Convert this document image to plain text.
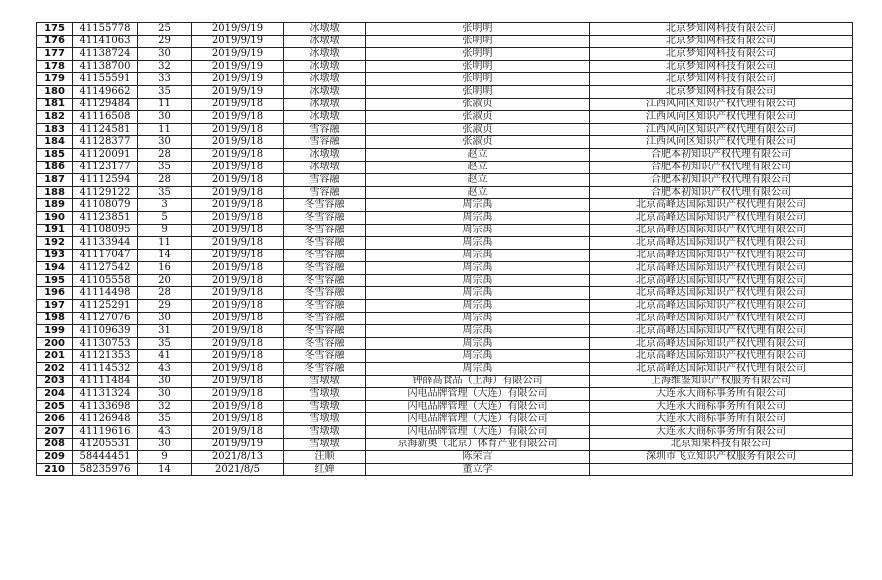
175	41155778	25	2019/9/19	冰墩墩	张明明	北京梦知网科技有限公司
176	41141063	29	2019/9/19	冰墩墩	张明明	北京梦知网科技有限公司
177	41138724	30	2019/9/19	冰墩墩	张明明	北京梦知网科技有限公司
178	41138700	32	2019/9/19	冰墩墩	张明明	北京梦知网科技有限公司
179	41155591	33	2019/9/19	冰墩墩	张明明	北京梦知网科技有限公司
180	41149662	35	2019/9/19	冰墩墩	张明明	北京梦知网科技有限公司
181	41129484	11	2019/9/18	冰墩墩	张淑贞	江西风向区知识产权代理有限公司
182	41116508	30	2019/9/18	冰墩墩	张淑贞	江西风向区知识产权代理有限公司
183	41124581	11	2019/9/18	雪容融	张淑贞	江西风向区知识产权代理有限公司
184	41128377	30	2019/9/18	雪容融	张淑贞	江西风向区知识产权代理有限公司
185	41120091	28	2019/9/18	冰墩墩	赵立	合肥本初知识产权代理有限公司
186	41123177	35	2019/9/18	冰墩墩	赵立	合肥本初知识产权代理有限公司
187	41112594	28	2019/9/18	雪容融	赵立	合肥本初知识产权代理有限公司
188	41129122	35	2019/9/18	雪容融	赵立	合肥本初知识产权代理有限公司
189	41108079	3	2019/9/18	冬雪容融	周宗禹	北京高峰达国际知识产权代理有限公司
190	41123851	5	2019/9/18	冬雪容融	周宗禹	北京高峰达国际知识产权代理有限公司
191	41108095	9	2019/9/18	冬雪容融	周宗禹	北京高峰达国际知识产权代理有限公司
192	41133944	11	2019/9/18	冬雪容融	周宗禹	北京高峰达国际知识产权代理有限公司
193	41117047	14	2019/9/18	冬雪容融	周宗禹	北京高峰达国际知识产权代理有限公司
194	41127542	16	2019/9/18	冬雪容融	周宗禹	北京高峰达国际知识产权代理有限公司
195	41105558	20	2019/9/18	冬雪容融	周宗禹	北京高峰达国际知识产权代理有限公司
196	41114498	28	2019/9/18	冬雪容融	周宗禹	北京高峰达国际知识产权代理有限公司
197	41125291	29	2019/9/18	冬雪容融	周宗禹	北京高峰达国际知识产权代理有限公司
198	41127076	30	2019/9/18	冬雪容融	周宗禹	北京高峰达国际知识产权代理有限公司
199	41109639	31	2019/9/18	冬雪容融	周宗禹	北京高峰达国际知识产权代理有限公司
200	41130753	35	2019/9/18	冬雪容融	周宗禹	北京高峰达国际知识产权代理有限公司
201	41121353	41	2019/9/18	冬雪容融	周宗禹	北京高峰达国际知识产权代理有限公司
202	41114532	43	2019/9/18	冬雪容融	周宗禹	北京高峰达国际知识产权代理有限公司
203	41111484	30	2019/9/18	雪墩墩	钟薛高食品（上海）有限公司	上海维鉴知识产权服务有限公司
204	41131324	30	2019/9/18	雪墩墩	闪电品牌管理（大连）有限公司	大连永大商标事务所有限公司
205	41133698	32	2019/9/18	雪墩墩	闪电品牌管理（大连）有限公司	大连永大商标事务所有限公司
206	41126948	35	2019/9/18	雪墩墩	闪电品牌管理（大连）有限公司	大连永大商标事务所有限公司
207	41119616	43	2019/9/18	雪墩墩	闪电品牌管理（大连）有限公司	大连永大商标事务所有限公司
208	41205531	30	2019/9/19	雪墩墩	京海新奥（北京）体育产业有限公司	北京知果科技有限公司
209	58444451	9	2021/8/13	汪顺	陈荣言	深圳市飞立知识产权服务有限公司
210	58235976	14	2021/8/5	红婵	董立学	
